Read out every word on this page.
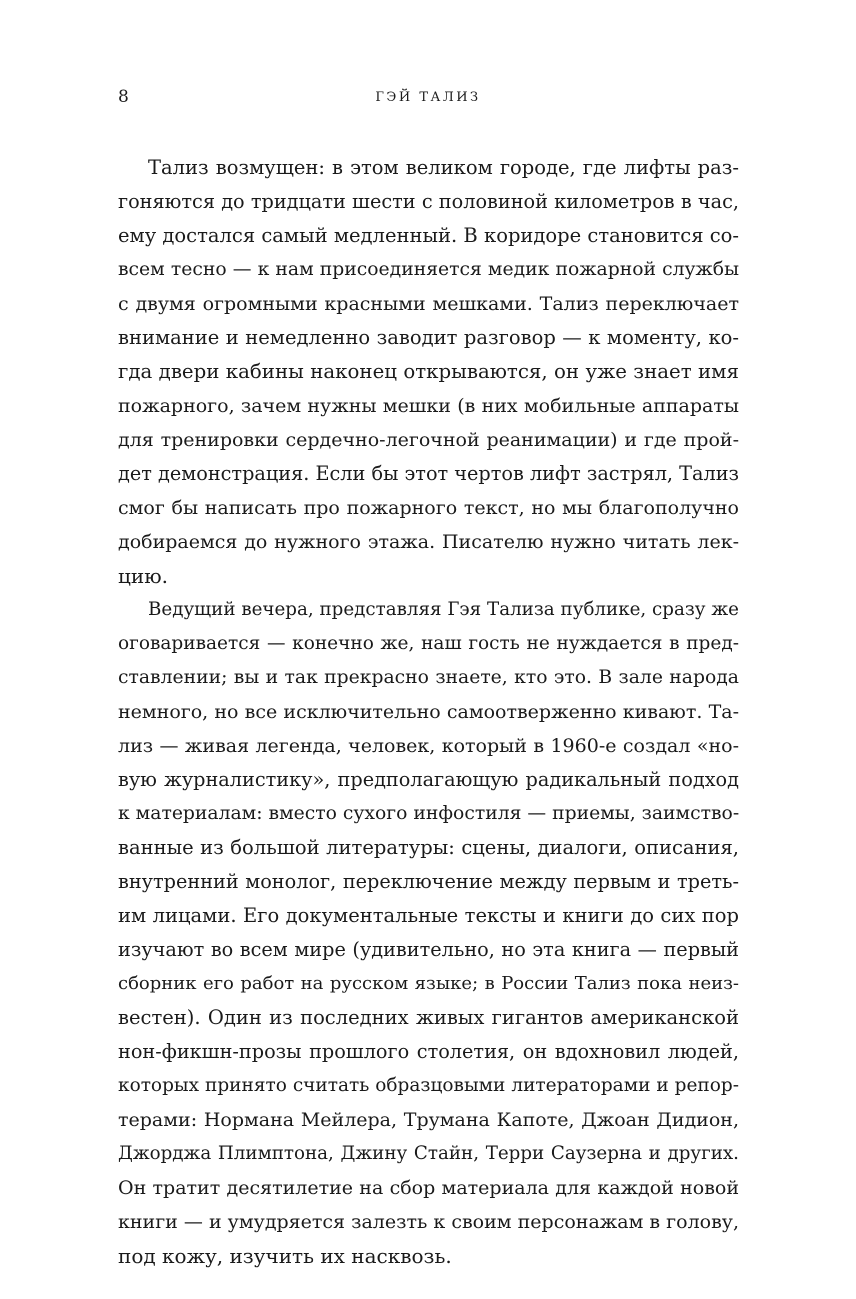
8	ГЭЙ ТАЛИЗ
Тализ возмущен: в этом великом городе, где лифты раз-
гоняются до тридцати шести с половиной километров в час,
ему достался самый медленный. В коридоре становится со-
всем тесно — к нам присоединяется медик пожарной службы
с двумя огромными красными мешками. Тализ переключает
внимание и немедленно заводит разговор — к моменту, ко-
гда двери кабины наконец открываются, он уже знает имя
пожарного, зачем нужны мешки (в них мобильные аппараты
для тренировки сердечно-легочной реанимации) и где прой-
дет демонстрация. Если бы этот чертов лифт застрял, Тализ
смог бы написать про пожарного текст, но мы благополучно
добираемся до нужного этажа. Писателю нужно читать лек-
цию.
Ведущий вечера, представляя Гэя Тализа публике, сразу же
оговаривается — конечно же, наш гость не нуждается в пред-
ставлении; вы и так прекрасно знаете, кто это. В зале народа
немного, но все исключительно самоотверженно кивают. Та-
лиз — живая легенда, человек, который в 1960-е создал «но-
вую журналистику», предполагающую радикальный подход
к материалам: вместо сухого инфостиля — приемы, заимство-
ванные из большой литературы: сцены, диалоги, описания,
внутренний монолог, переключение между первым и треть-
им лицами. Его документальные тексты и книги до сих пор
изучают во всем мире (удивительно, но эта книга — первый
сборник его работ на русском языке; в России Тализ пока неиз-
вестен). Один из последних живых гигантов американской
нон-фикшн-прозы прошлого столетия, он вдохновил людей,
которых принято считать образцовыми литераторами и репор-
терами: Нормана Мейлера, Трумана Капоте, Джоан Дидион,
Джорджа Плимптона, Джину Стайн, Терри Саузерна и других.
Он тратит десятилетие на сбор материала для каждой новой
книги — и умудряется залезть к своим персонажам в голову,
под кожу, изучить их насквозь.
